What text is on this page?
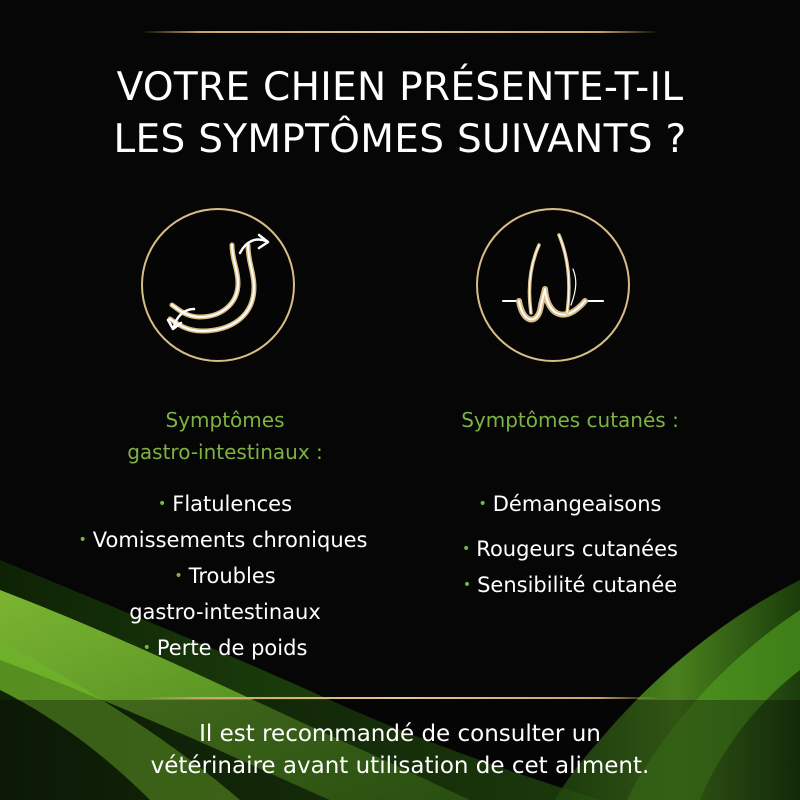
VOTRE CHIEN PRÉSENTE-T-IL
LES SYMPTÔMES SUIVANTS ?
Symptômes
gastro-intestinaux :
• Flatulences
• Vomissements chroniques
• Troubles
gastro-intestinaux
• Perte de poids
Symptômes cutanés :
• Démangeaisons
• Rougeurs cutanées
• Sensibilité cutanée
Il est recommandé de consulter un
vétérinaire avant utilisation de cet aliment.
